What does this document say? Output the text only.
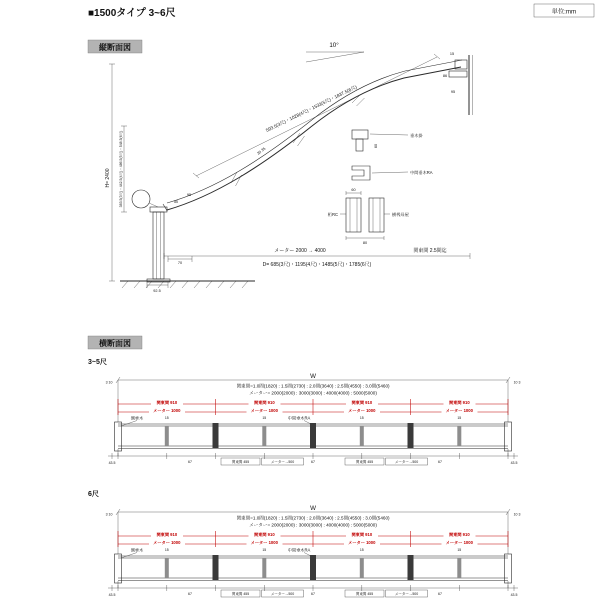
■1500タイプ 3~6尺	単位:mm
縦断面図	10°
593.5(3尺)・1028(4尺)・1533(5尺)・1837.5(6尺)
H= 2400 383.5(3尺)・442.5(4尺)・486.5(5尺)・548.5(6尺)	垂木掛
60
中間垂木RA
桁RC	横桟母屋
60
80
35 35
50
95
15
86
95
メーター 2000 → 4000	関東間 2.5間迄
D= 685(3尺)・1195(4尺)・1485(5尺)・1785(6尺)
70
92.5
横断面図
3~5尺
W
関東間=1.0間(1820) : 1.5間(2730) : 2.0間(3640) : 2.5間(4550) : 3.0間(5460)
メーター= 2000(2000) : 3000(3000) : 4000(4000) : 5000(5000)
3 10	10 3
関東間 910	関東間 910	関東間 910	関東間 910
メーター 1000	メーター 1000	メーター 1000	メーター 1000
側垂木	中間垂木RA
15	15	15	15
43.5	43.5
67	67	67
関東間 455	メーター→500	関東間 455	メーター→500
6尺
W
関東間=1.0間(1820) : 1.5間(2730) : 2.0間(3640) : 2.5間(4550) : 3.0間(5460)
メーター= 2000(2000) : 3000(3000) : 4000(4000) : 5000(5000)
3 10	10 3
関東間 910	関東間 910	関東間 910	関東間 910
メーター 1000	メーター 1000	メーター 1000	メーター 1000
側垂木	中間垂木RA
15	15	15	15
43.5	43.5
67	67	67
関東間 455	メーター→500	関東間 455	メーター→500
